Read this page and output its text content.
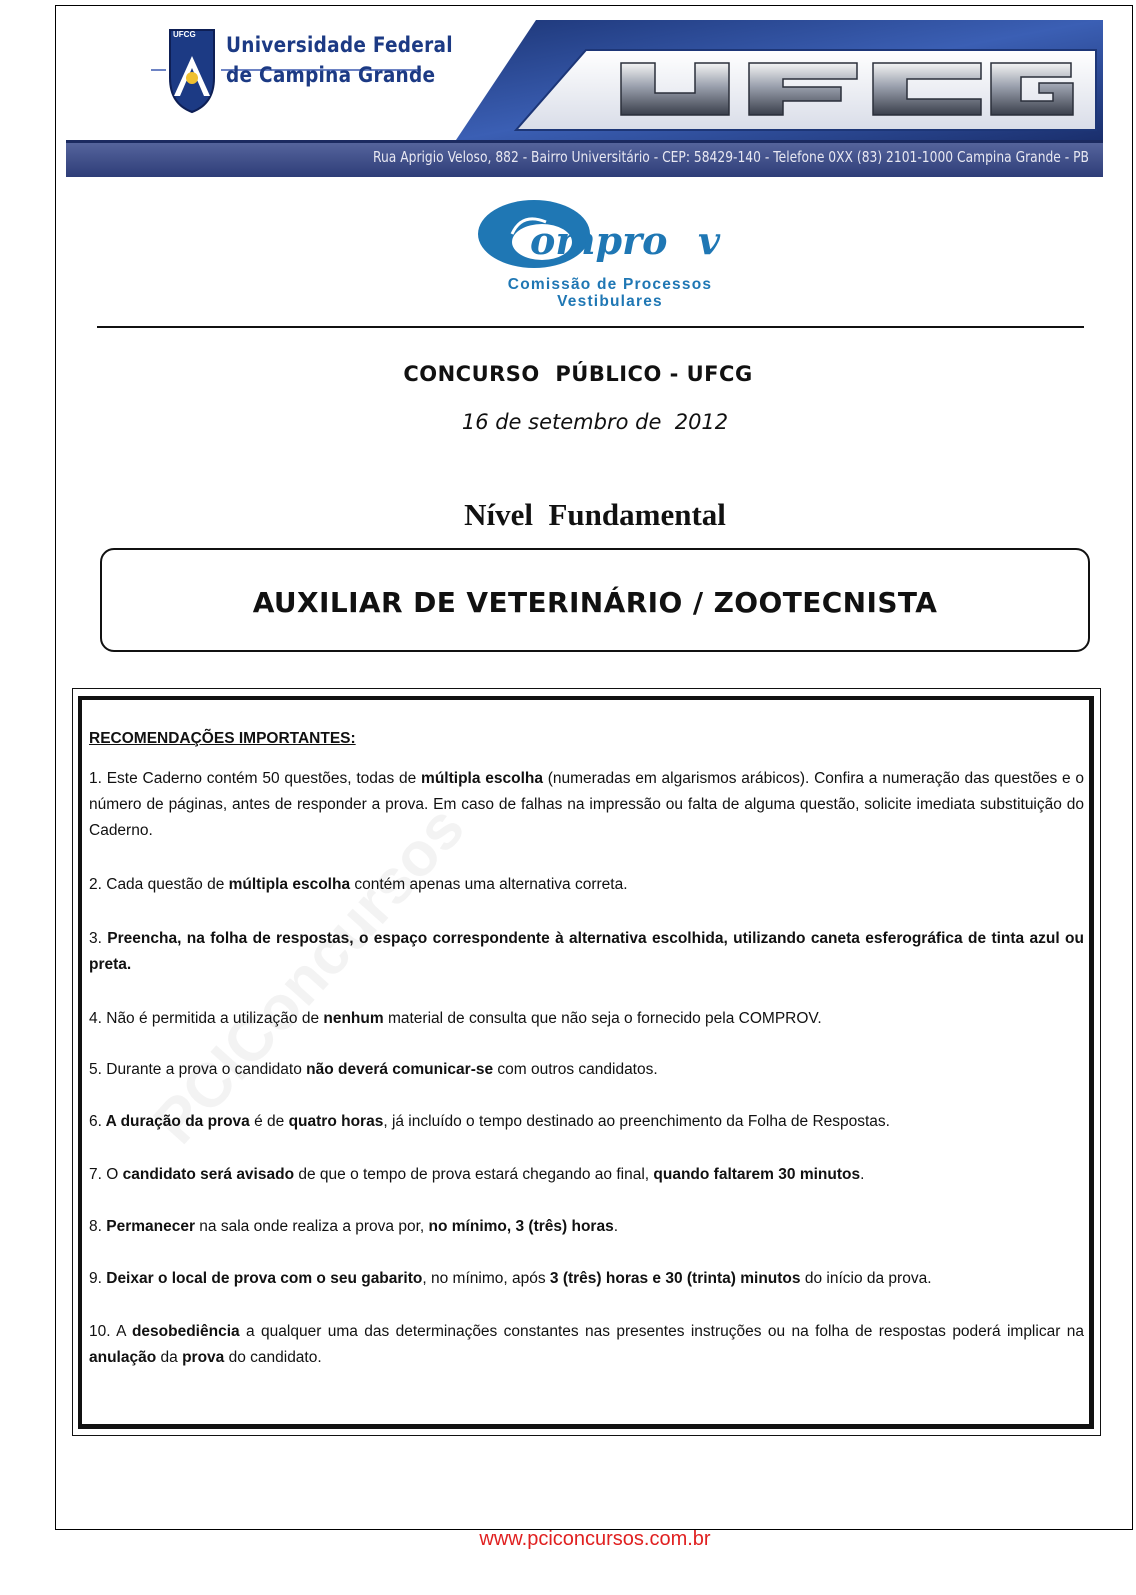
UFCG Universidade Federal
de Campina Grande
Rua Aprigio Veloso, 882 - Bairro Universitário - CEP: 58429-140 - Telefone 0XX (83) 2101-1000 Campina Grande - PB
ompro v
Comissão de Processos
Vestibulares
CONCURSO  PÚBLICO - UFCG
16 de setembro de  2012
Nível  Fundamental
AUXILIAR DE VETERINÁRIO / ZOOTECNISTA
RECOMENDAÇÕES IMPORTANTES:
1. Este Caderno contém 50 questões, todas de múltipla escolha (numeradas em algarismos arábicos). Confira a numeração das questões e o número de páginas, antes de responder a prova. Em caso de falhas na impressão ou falta de alguma questão, solicite imediata substituição do Caderno.
2. Cada questão de múltipla escolha contém apenas uma alternativa correta.
3. Preencha, na folha de respostas, o espaço correspondente à alternativa escolhida, utilizando caneta esferográfica de tinta azul ou preta.
4. Não é permitida a utilização de nenhum material de consulta que não seja o fornecido pela COMPROV.
5. Durante a prova o candidato não deverá comunicar-se com outros candidatos.
6. A duração da prova é de quatro horas, já incluído o tempo destinado ao preenchimento da Folha de Respostas.
7. O candidato será avisado de que o tempo de prova estará chegando ao final, quando faltarem 30 minutos.
8. Permanecer na sala onde realiza a prova por, no mínimo, 3 (três) horas.
9. Deixar o local de prova com o seu gabarito, no mínimo, após 3 (três) horas e 30 (trinta) minutos do início da prova.
10. A desobediência a qualquer uma das determinações constantes nas presentes instruções ou na folha de respostas poderá implicar na anulação da prova do candidato.
www.pciconcursos.com.br
